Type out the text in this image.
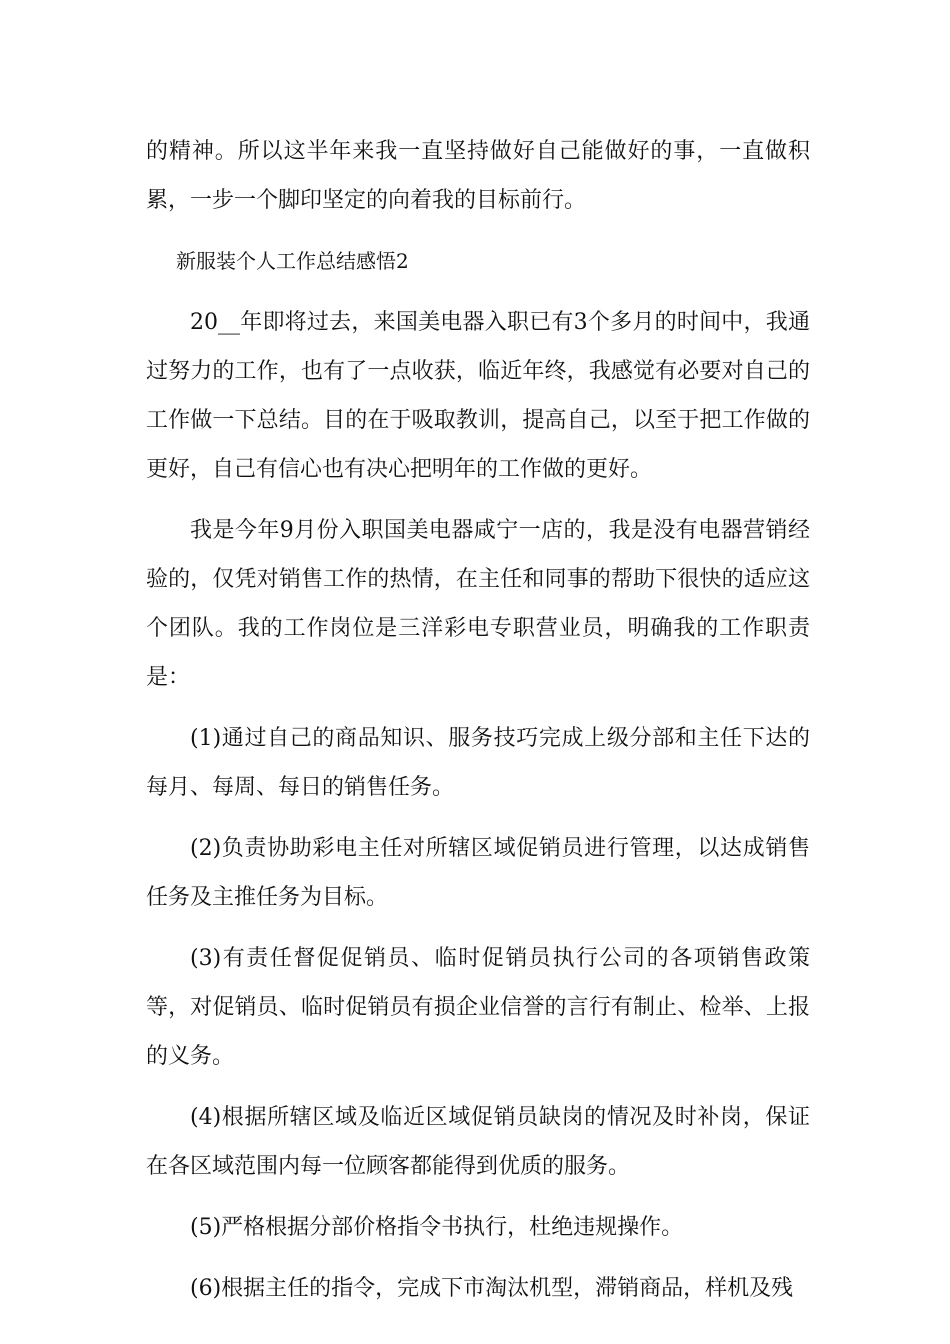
的精神。所以这半年来我一直坚持做好自己能做好的事，一直做积累，一步一个脚印坚定的向着我的目标前行。

新服装个人工作总结感悟2

20__年即将过去，来国美电器入职已有3个多月的时间中，我通过努力的工作，也有了一点收获，临近年终，我感觉有必要对自己的工作做一下总结。目的在于吸取教训，提高自己，以至于把工作做的更好，自己有信心也有决心把明年的工作做的更好。

我是今年9月份入职国美电器咸宁一店的，我是没有电器营销经验的，仅凭对销售工作的热情，在主任和同事的帮助下很快的适应这个团队。我的工作岗位是三洋彩电专职营业员，明确我的工作职责是：

(1)通过自己的商品知识、服务技巧完成上级分部和主任下达的每月、每周、每日的销售任务。

(2)负责协助彩电主任对所辖区域促销员进行管理，以达成销售任务及主推任务为目标。

(3)有责任督促促销员、临时促销员执行公司的各项销售政策等，对促销员、临时促销员有损企业信誉的言行有制止、检举、上报的义务。

(4)根据所辖区域及临近区域促销员缺岗的情况及时补岗，保证在各区域范围内每一位顾客都能得到优质的服务。

(5)严格根据分部价格指令书执行，杜绝违规操作。

(6)根据主任的指令，完成下市淘汰机型，滞销商品，样机及残
